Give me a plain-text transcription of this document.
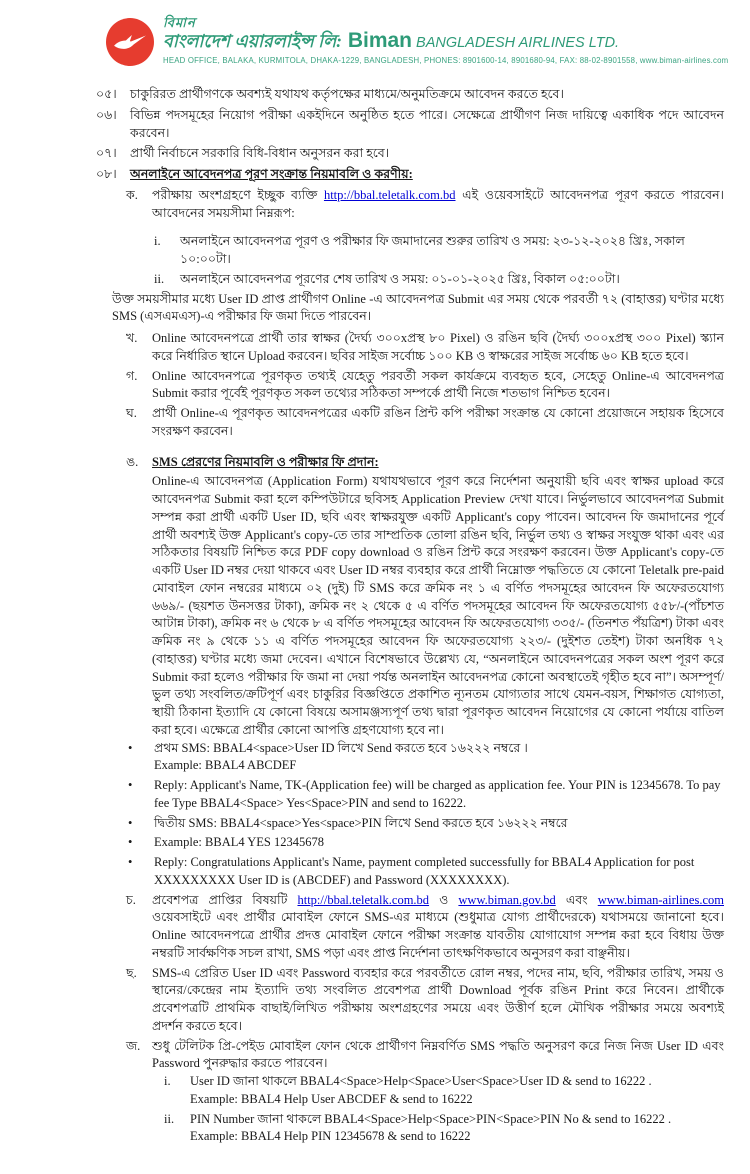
বিমান
বাংলাদেশ এয়ারলাইন্স লি: Biman BANGLADESH AIRLINES LTD.
HEAD OFFICE, BALAKA, KURMITOLA, DHAKA-1229, BANGLADESH, PHONES: 8901600-14, 8901680-94, FAX: 88-02-8901558, www.biman-airlines.com
০৫।	চাকুরিরত প্রার্থীগণকে অবশ্যই যথাযথ কর্তৃপক্ষের মাধ্যমে/অনুমতিক্রমে আবেদন করতে হবে।
০৬।	বিভিন্ন পদসমূহের নিয়োগ পরীক্ষা একইদিনে অনুষ্ঠিত হতে পারে। সেক্ষেত্রে প্রার্থীগণ নিজ দায়িত্বে একাধিক পদে আবেদন করবেন।
০৭।	প্রার্থী নির্বাচনে সরকারি বিধি-বিধান অনুসরন করা হবে।
০৮।	অনলাইনে আবেদনপত্র পূরণ সংক্রান্ত নিয়মাবলি ও করণীয়:
ক.	পরীক্ষায় অংশগ্রহণে ইচ্ছুক ব্যক্তি http://bbal.teletalk.com.bd এই ওয়েবসাইটে আবেদনপত্র পূরণ করতে পারবেন। আবেদনের সময়সীমা নিম্নরূপ:
i.	অনলাইনে আবেদনপত্র পূরণ ও পরীক্ষার ফি জমাদানের শুরুর তারিখ ও সময়: ২৩-১২-২০২৪ খ্রিঃ, সকাল ১০:০০টা।
ii.	অনলাইনে আবেদনপত্র পূরণের শেষ তারিখ ও সময়: ০১-০১-২০২৫ খ্রিঃ, বিকাল ০৫:০০টা।
উক্ত সময়সীমার মধ্যে User ID প্রাপ্ত প্রার্থীগণ Online -এ আবেদনপত্র Submit এর সময় থেকে পরবর্তী ৭২ (বাহাত্তর) ঘণ্টার মধ্যে SMS (এসএমএস)-এ পরীক্ষার ফি জমা দিতে পারবেন।
খ.	Online আবেদনপত্রে প্রার্থী তার স্বাক্ষর (দৈর্ঘ্য ৩০০xপ্রস্থ ৮০ Pixel) ও রঙিন ছবি (দৈর্ঘ্য ৩০০xপ্রস্থ ৩০০ Pixel) স্ক্যান করে নির্ধারিত স্থানে Upload করবেন। ছবির সাইজ সর্বোচ্চ ১০০ KB ও স্বাক্ষরের সাইজ সর্বোচ্চ ৬০ KB হতে হবে।
গ.	Online আবেদনপত্রে পূরণকৃত তথ্যই যেহেতু পরবর্তী সকল কার্যক্রমে ব্যবহৃত হবে, সেহেতু Online-এ আবেদনপত্র Submit করার পূর্বেই পূরণকৃত সকল তথ্যের সঠিকতা সম্পর্কে প্রার্থী নিজে শতভাগ নিশ্চিত হবেন।
ঘ.	প্রার্থী Online-এ পূরণকৃত আবেদনপত্রের একটি রঙিন প্রিন্ট কপি পরীক্ষা সংক্রান্ত যে কোনো প্রয়োজনে সহায়ক হিসেবে সংরক্ষণ করবেন।
ঙ.	SMS প্রেরণের নিয়মাবলি ও পরীক্ষার ফি প্রদান:
Online-এ আবেদনপত্র (Application Form) যথাযথভাবে পূরণ করে নির্দেশনা অনুযায়ী ছবি এবং স্বাক্ষর upload করে আবেদনপত্র Submit করা হলে কম্পিউটারে ছবিসহ Application Preview দেখা যাবে। নির্ভুলভাবে আবেদনপত্র Submit সম্পন্ন করা প্রার্থী একটি User ID, ছবি এবং স্বাক্ষরযুক্ত একটি Applicant's copy পাবেন। আবেদন ফি জমাদানের পূর্বে প্রার্থী অবশ্যই উক্ত Applicant's copy-তে তার সাম্প্রতিক তোলা রঙিন ছবি, নির্ভুল তথ্য ও স্বাক্ষর সংযুক্ত থাকা এবং এর সঠিকতার বিষয়টি নিশ্চিত করে PDF copy download ও রঙিন প্রিন্ট করে সংরক্ষণ করবেন। উক্ত Applicant's copy-তে একটি User ID নম্বর দেয়া থাকবে এবং User ID নম্বর ব্যবহার করে প্রার্থী নিম্নোক্ত পদ্ধতিতে যে কোনো Teletalk pre-paid মোবাইল ফোন নম্বরের মাধ্যমে ০২ (দুই) টি SMS করে ক্রমিক নং ১ এ বর্ণিত পদসমূহের আবেদন ফি অফেরতযোগ্য ৬৬৯/- (ছয়শত উনসত্তর টাকা), ক্রমিক নং ২ থেকে ৫ এ বর্ণিত পদসমূহের আবেদন ফি অফেরতযোগ্য ৫৫৮/-(পাঁচশত আটান্ন টাকা), ক্রমিক নং ৬ থেকে ৮ এ বর্ণিত পদসমূহের আবেদন ফি অফেরতযোগ্য ৩৩৫/- (তিনশত পঁয়ত্রিশ) টাকা এবং ক্রমিক নং ৯ থেকে ১১ এ বর্ণিত পদসমূহের আবেদন ফি অফেরতযোগ্য ২২৩/- (দুইশত তেইশ) টাকা অনধিক ৭২ (বাহাত্তর) ঘণ্টার মধ্যে জমা দেবেন। এখানে বিশেষভাবে উল্লেখ্য যে, “অনলাইনে আবেদনপত্রের সকল অংশ পূরণ করে Submit করা হলেও পরীক্ষার ফি জমা না দেয়া পর্যন্ত অনলাইন আবেদনপত্র কোনো অবস্থাতেই গৃহীত হবে না”। অসম্পূর্ণ/ভুল তথ্য সংবলিত/ক্রটিপূর্ণ এবং চাকুরির বিজ্ঞপ্তিতে প্রকাশিত ন্যূনতম যোগ্যতার সাথে যেমন-বয়স, শিক্ষাগত যোগ্যতা, স্থায়ী ঠিকানা ইত্যাদি যে কোনো বিষয়ে অসামঞ্জস্যপূর্ণ তথ্য দ্বারা পূরণকৃত আবেদন নিয়োগের যে কোনো পর্যায়ে বাতিল করা হবে। এক্ষেত্রে প্রার্থীর কোনো আপত্তি গ্রহণযোগ্য হবে না।
•	প্রথম SMS: BBAL4<space>User ID লিখে Send করতে হবে ১৬২২২ নম্বরে ।
Example: BBAL4 ABCDEF
•	Reply: Applicant's Name, TK-(Application fee) will be charged as application fee. Your PIN is 12345678. To pay fee Type BBAL4<Space> Yes<Space>PIN and send to 16222.
•	দ্বিতীয় SMS: BBAL4<space>Yes<space>PIN লিখে Send করতে হবে ১৬২২২ নম্বরে
•	Example: BBAL4 YES 12345678
•	Reply: Congratulations Applicant's Name, payment completed successfully for BBAL4 Application for post XXXXXXXXX User ID is (ABCDEF) and Password (XXXXXXXX).
চ.	প্রবেশপত্র প্রাপ্তির বিষয়টি http://bbal.teletalk.com.bd ও www.biman.gov.bd এবং www.biman-airlines.com ওয়েবসাইটে এবং প্রার্থীর মোবাইল ফোনে SMS-এর মাধ্যমে (শুধুমাত্র যোগ্য প্রার্থীদেরকে) যথাসময়ে জানানো হবে। Online আবেদনপত্রে প্রার্থীর প্রদত্ত মোবাইল ফোনে পরীক্ষা সংক্রান্ত যাবতীয় যোগাযোগ সম্পন্ন করা হবে বিধায় উক্ত নম্বরটি সার্বক্ষণিক সচল রাখা, SMS পড়া এবং প্রাপ্ত নির্দেশনা তাৎক্ষণিকভাবে অনুসরণ করা বাঞ্ছনীয়।
ছ.	SMS-এ প্রেরিত User ID এবং Password ব্যবহার করে পরবর্তীতে রোল নম্বর, পদের নাম, ছবি, পরীক্ষার তারিখ, সময় ও স্থানের/কেন্দ্রের নাম ইত্যাদি তথ্য সংবলিত প্রবেশপত্র প্রার্থী Download পূর্বক রঙিন Print করে নিবেন। প্রার্থীকে প্রবেশপত্রটি প্রাথমিক বাছাই/লিখিত পরীক্ষায় অংশগ্রহণের সময়ে এবং উত্তীর্ণ হলে মৌখিক পরীক্ষার সময়ে অবশ্যই প্রদর্শন করতে হবে।
জ. শুধু টেলিটক প্রি-পেইড মোবাইল ফোন থেকে প্রার্থীগণ নিম্নবর্ণিত SMS পদ্ধতি অনুসরণ করে নিজ নিজ User ID এবং Password পুনরুদ্ধার করতে পারবেন।
i.	User ID জানা থাকলে BBAL4<Space>Help<Space>User<Space>User ID & send to 16222 .
Example: BBAL4 Help User ABCDEF & send to 16222
ii.	PIN Number জানা থাকলে BBAL4<Space>Help<Space>PIN<Space>PIN No & send to 16222 .
Example: BBAL4 Help PIN 12345678 & send to 16222
